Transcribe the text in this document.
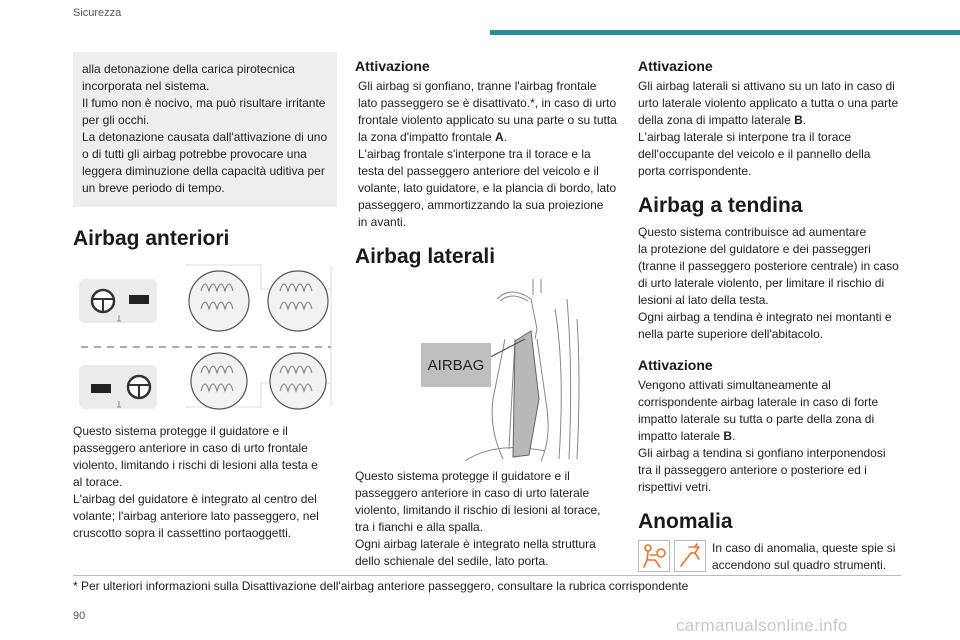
Sicurezza
alla detonazione della carica pirotecnica
incorporata nel sistema.
Il fumo non è nocivo, ma può risultare irritante
per gli occhi.
La detonazione causata dall'attivazione di uno
o di tutti gli airbag potrebbe provocare una
leggera diminuzione della capacità uditiva per
un breve periodo di tempo.
Airbag anteriori

Questo sistema protegge il guidatore e il

passeggero anteriore in caso di urto frontale

violento, limitando i rischi di lesioni alla testa e

al torace.

L'airbag del guidatore è integrato al centro del

volante; l'airbag anteriore lato passeggero, nel

cruscotto sopra il cassettino portaoggetti.

Attivazione

Gli airbag si gonfiano, tranne l'airbag frontale

lato passeggero se è disattivato.*, in caso di urto

frontale violento applicato su una parte o su tutta

la zona d'impatto frontale A.

L'airbag frontale s'interpone tra il torace e la

testa del passeggero anteriore del veicolo e il

volante, lato guidatore, e la plancia di bordo, lato

passeggero, ammortizzando la sua proiezione

in avanti.

Airbag laterali
AIRBAG

Questo sistema protegge il guidatore e il

passeggero anteriore in caso di urto laterale

violento, limitando il rischio di lesioni al torace,

tra i fianchi e alla spalla.

Ogni airbag laterale è integrato nella struttura

dello schienale del sedile, lato porta.

Attivazione

Gli airbag laterali si attivano su un lato in caso di

urto laterale violento applicato a tutta o una parte

della zona di impatto laterale B.

L'airbag laterale si interpone tra il torace

dell'occupante del veicolo e il pannello della

porta corrispondente.

Airbag a tendina

Questo sistema contribuisce ad aumentare

la protezione del guidatore e dei passeggeri

(tranne il passeggero posteriore centrale) in caso

di urto laterale violento, per limitare il rischio di

lesioni al lato della testa.

Ogni airbag a tendina è integrato nei montanti e

nella parte superiore dell'abitacolo.

Attivazione

Vengono attivati simultaneamente al

corrispondente airbag laterale in caso di forte

impatto laterale su tutta o parte della zona di

impatto laterale B.

Gli airbag a tendina si gonfiano interponendosi

tra il passeggero anteriore o posteriore ed i

rispettivi vetri.

Anomalia

In caso di anomalia, queste spie si

accendono sul quadro strumenti.

* Per ulteriori informazioni sulla Disattivazione dell'airbag anteriore passeggero, consultare la rubrica corrispondente
90	carmanualsonline.info
